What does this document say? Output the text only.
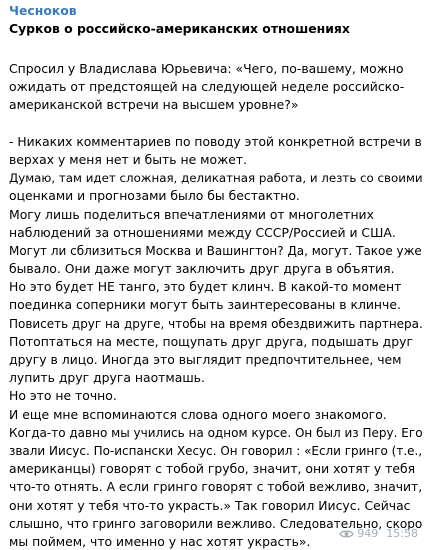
Чесноков
Сурков о российско-американских отношениях
Спросил у Владислава Юрьевича: «Чего, по-вашему, можно
ожидать от предстоящей на следующей неделе российско-
американской встречи на высшем уровне?»
- Никаких комментариев по поводу этой конкретной встречи в
верхах у меня нет и быть не может.
Думаю, там идет сложная, деликатная работа, и лезть со своими
оценками и прогнозами было бы бестактно.
Могу лишь поделиться впечатлениями от многолетних
наблюдений за отношениями между СССР/Россией и США.
Могут ли сблизиться Москва и Вашингтон? Да, могут. Такое уже
бывало. Они даже могут заключить друг друга в объятия.
Но это будет НЕ танго, это будет клинч. В какой-то момент
поединка соперники могут быть заинтересованы в клинче.
Повисеть друг на друге, чтобы на время обездвижить партнера.
Потоптаться на месте, пощупать друг друга, подышать друг
другу в лицо. Иногда это выглядит предпочтительнее, чем
лупить друг друга наотмашь.
Но это не точно.
И еще мне вспоминаются слова одного моего знакомого.
Когда-то давно мы учились на одном курсе. Он был из Перу. Его
звали Иисус. По-испански Хесус. Он говорил : «Если гринго (т.е.,
американцы) говорят с тобой грубо, значит, они хотят у тебя
что-то отнять. А если гринго говорят с тобой вежливо, значит,
они хотят у тебя что-то украсть.» Так говорил Иисус. Сейчас
слышно, что гринго заговорили вежливо. Следовательно, скоро
мы поймем, что именно у нас хотят украсть».
949 15:58
